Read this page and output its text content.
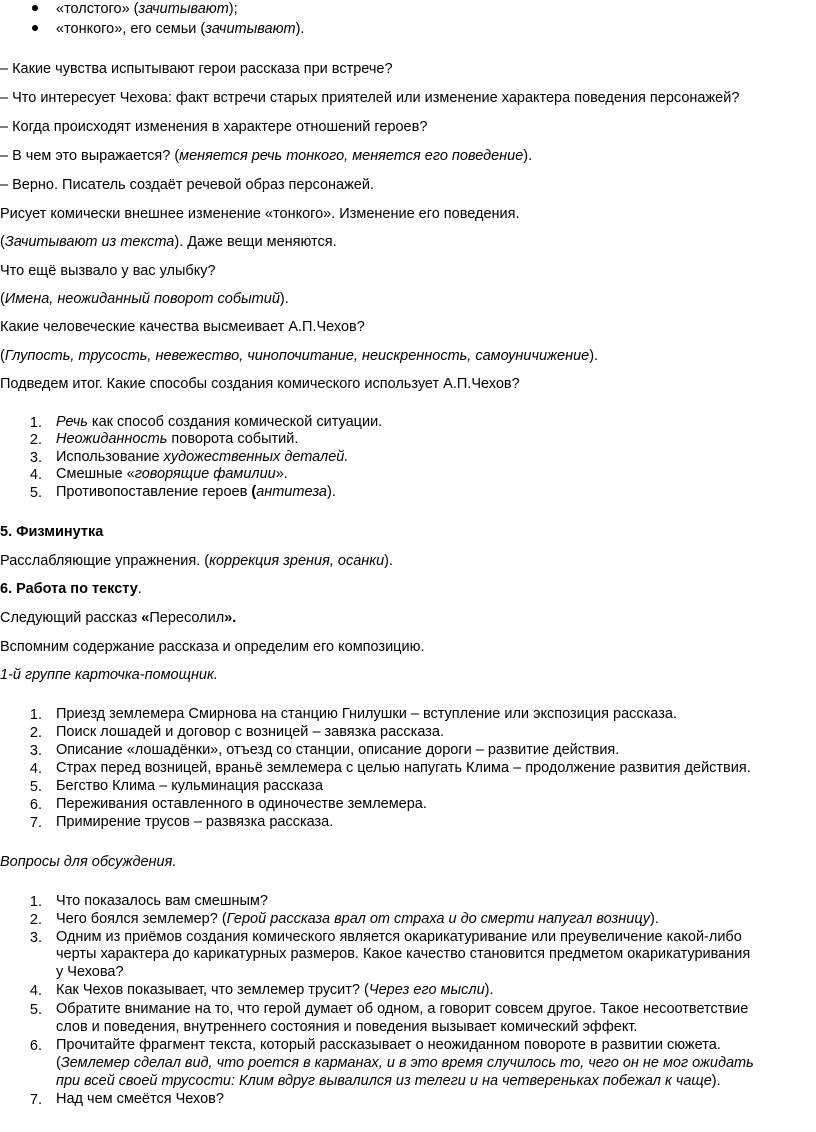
«толстого» (зачитывают);
«тонкого», его семьи (зачитывают).
– Какие чувства испытывают герои рассказа при встрече?
– Что интересует Чехова: факт встречи старых приятелей или изменение характера поведения персонажей?
– Когда происходят изменения в характере отношений героев?
– В чем это выражается? (меняется речь тонкого, меняется его поведение).
– Верно. Писатель создаёт речевой образ персонажей.
Рисует комически внешнее изменение «тонкого». Изменение его поведения.
(Зачитывают из текста). Даже вещи меняются.
Что ещё вызвало у вас улыбку?
(Имена, неожиданный поворот событий).
Какие человеческие качества высмеивает А.П.Чехов?
(Глупость, трусость, невежество, чинопочитание, неискренность, самоуничижение).
Подведем итог. Какие способы создания комического использует А.П.Чехов?
1. Речь как способ создания комической ситуации.
2. Неожиданность поворота событий.
3. Использование художественных деталей.
4. Смешные «говорящие фамилии».
5. Противопоставление героев (антитеза).
5. Физминутка
Расслабляющие упражнения. (коррекция зрения, осанки).
6. Работа по тексту.
Следующий рассказ «Пересолил».
Вспомним содержание рассказа и определим его композицию.
1-й группе карточка-помощник.
1. Приезд землемера Смирнова на станцию Гнилушки – вступление или экспозиция рассказа.
2. Поиск лошадей и договор с возницей – завязка рассказа.
3. Описание «лошадёнки», отъезд со станции, описание дороги – развитие действия.
4. Страх перед возницей, враньё землемера с целью напугать Клима – продолжение развития действия.
5. Бегство Клима – кульминация рассказа
6. Переживания оставленного в одиночестве землемера.
7. Примирение трусов – развязка рассказа.
Вопросы для обсуждения.
1. Что показалось вам смешным?
2. Чего боялся землемер? (Герой рассказа врал от страха и до смерти напугал возницу).
3. Одним из приёмов создания комического является окарикатуривание или преувеличение какой-либо
черты характера до карикатурных размеров. Какое качество становится предметом окарикатуривания
у Чехова?
4. Как Чехов показывает, что землемер трусит? (Через его мысли).
5. Обратите внимание на то, что герой думает об одном, а говорит совсем другое. Такое несоответствие
слов и поведения, внутреннего состояния и поведения вызывает комический эффект.
6. Прочитайте фрагмент текста, который рассказывает о неожиданном повороте в развитии сюжета.
(Землемер сделал вид, что роется в карманах, и в это время случилось то, чего он не мог ожидать
при всей своей трусости: Клим вдруг вывалился из телеги и на четвереньках побежал к чаще).
7. Над чем смеётся Чехов?
